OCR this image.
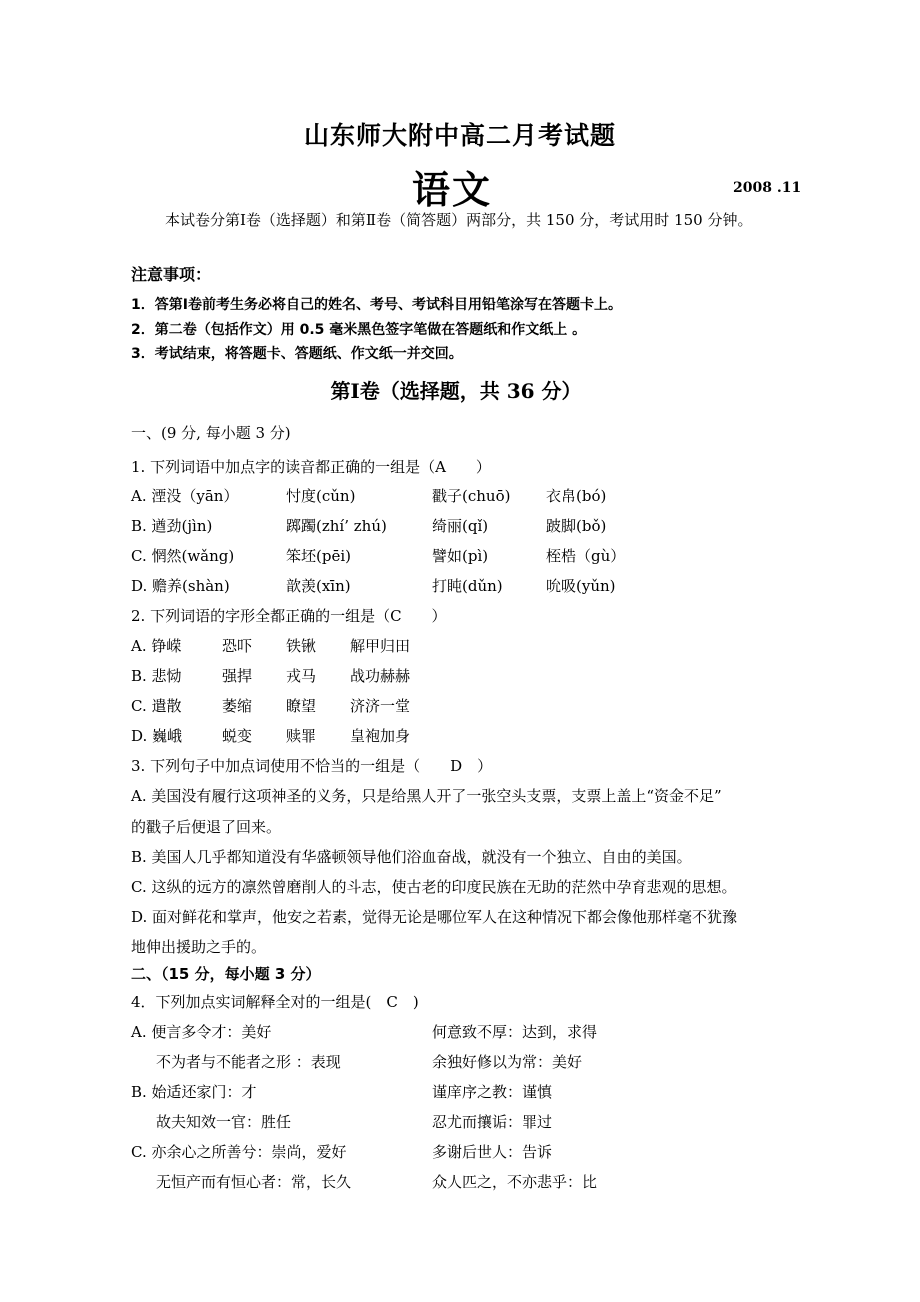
山东师大附中高二月考试题
语文	2008 .11
本试卷分第Ⅰ卷（选择题）和第Ⅱ卷（简答题）两部分，共 150 分，考试用时 150 分钟。
注意事项：
1．答第Ⅰ卷前考生务必将自己的姓名、考号、考试科目用铅笔涂写在答题卡上。
2．第二卷（包括作文）用 0.5 毫米黑色签字笔做在答题纸和作文纸上 。
3．考试结束，将答题卡、答题纸、作文纸一并交回。
第Ⅰ卷（选择题，共 36 分）
一、(9 分, 每小题 3 分)
1. 下列词语中加点字的读音都正确的一组是（A　　）
A. 湮没（yān）	忖度(cǔn)	戳子(chuō) 衣帛(bó)
B. 遒劲(jìn)	踯躅(zhí’ zhú)	绮丽(qǐ)	跛脚(bǒ)
C. 惘然(wǎng)	笨坯(pēi)	譬如(pì)	桎梏（gù）
D. 赡养(shàn)	歆羡(xīn)	打盹(dǔn)	吮吸(yǔn)
2. 下列词语的字形全都正确的一组是（C　　）
A. 铮嵘	恐吓 铁锹 解甲归田
B. 悲恸	强捍 戎马 战功赫赫
C. 遣散	萎缩 瞭望 济济一堂
D. 巍峨	蜕变 赎罪 皇袍加身
3. 下列句子中加点词使用不恰当的一组是（　　D　）
A. 美国没有履行这项神圣的义务，只是给黑人开了一张空头支票，支票上盖上“资金不足”
的戳子后便退了回来。
B. 美国人几乎都知道没有华盛顿领导他们浴血奋战，就没有一个独立、自由的美国。
C. 这纵的远方的凛然曾磨削人的斗志，使古老的印度民族在无助的茫然中孕育悲观的思想。
D. 面对鲜花和掌声，他安之若素，觉得无论是哪位军人在这种情况下都会像他那样毫不犹豫
地伸出援助之手的。
二、（15 分，每小题 3 分）
4．下列加点实词解释全对的一组是(　C　)
A. 便言多令才：美好	何意致不厚：达到，求得
不为者与不能者之形 ：表现	余独好修以为常：美好
B. 始适还家门：才	谨庠序之教：谨慎
故夫知效一官：胜任	忍尤而攘诟：罪过
C. 亦余心之所善兮：崇尚，爱好	多谢后世人：告诉
无恒产而有恒心者：常，长久	众人匹之，不亦悲乎：比
